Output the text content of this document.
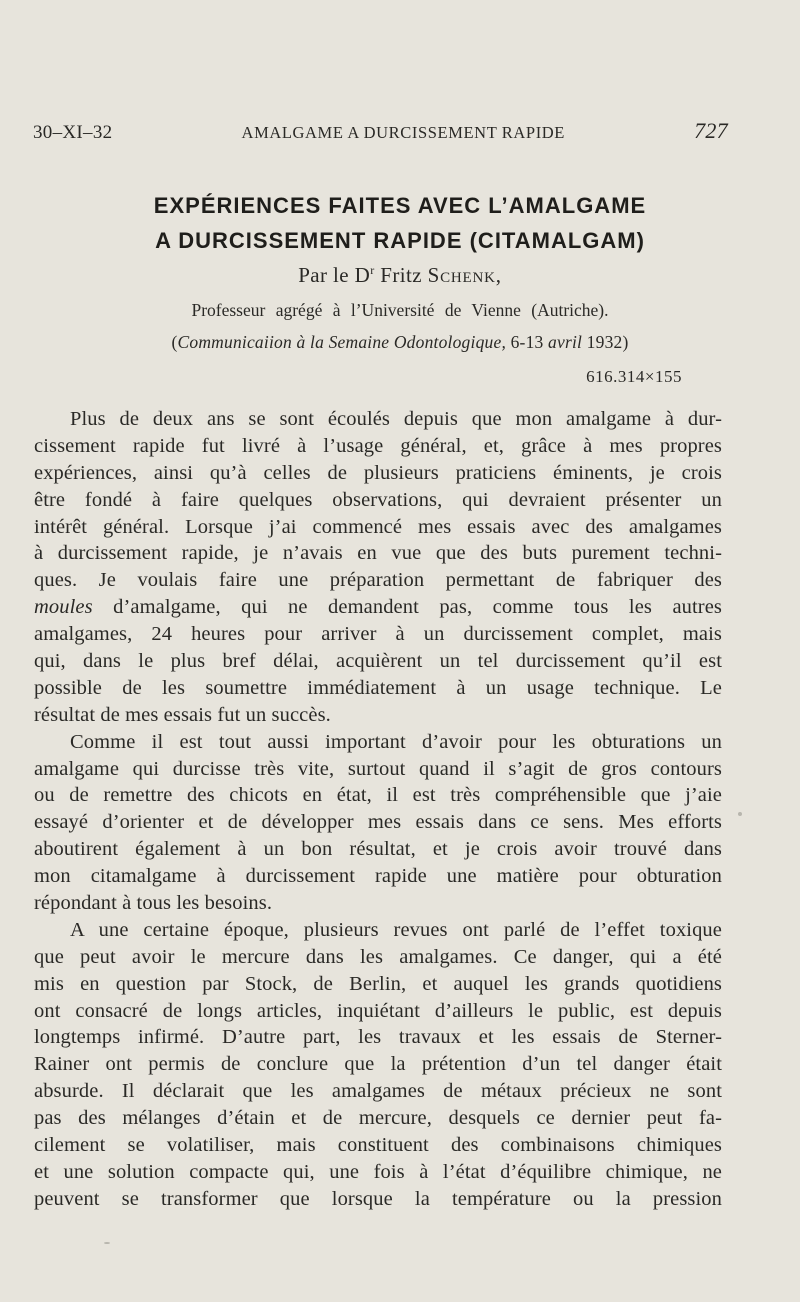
30–XI–32	AMALGAME A DURCISSEMENT RAPIDE	727
EXPÉRIENCES FAITES AVEC L’AMALGAME
A DURCISSEMENT RAPIDE (CITAMALGAM)
Par le $D^r$ Fritz Schenk,
Professeur agrégé à l’Université de Vienne (Autriche).
(Communicaiion à la Semaine Odontologique, 6-13 avril 1932)
616.314×155
Plus de deux ans se sont écoulés depuis que mon amalgame à dur-
cissement rapide fut livré à l’usage général, et, grâce à mes propres
expériences, ainsi qu’à celles de plusieurs praticiens éminents, je crois
être fondé à faire quelques observations, qui devraient présenter un
intérêt général. Lorsque j’ai commencé mes essais avec des amalgames
à durcissement rapide, je n’avais en vue que des buts purement techni-
ques. Je voulais faire une préparation permettant de fabriquer des
moules d’amalgame, qui ne demandent pas, comme tous les autres
amalgames, 24 heures pour arriver à un durcissement complet, mais
qui, dans le plus bref délai, acquièrent un tel durcissement qu’il est
possible de les soumettre immédiatement à un usage technique. Le
résultat de mes essais fut un succès.
Comme il est tout aussi important d’avoir pour les obturations un
amalgame qui durcisse très vite, surtout quand il s’agit de gros contours
ou de remettre des chicots en état, il est très compréhensible que j’aie
essayé d’orienter et de développer mes essais dans ce sens. Mes efforts
aboutirent également à un bon résultat, et je crois avoir trouvé dans
mon citamalgame à durcissement rapide une matière pour obturation
répondant à tous les besoins.
A une certaine époque, plusieurs revues ont parlé de l’effet toxique
que peut avoir le mercure dans les amalgames. Ce danger, qui a été
mis en question par Stock, de Berlin, et auquel les grands quotidiens
ont consacré de longs articles, inquiétant d’ailleurs le public, est depuis
longtemps infirmé. D’autre part, les travaux et les essais de Sterner-
Rainer ont permis de conclure que la prétention d’un tel danger était
absurde. Il déclarait que les amalgames de métaux précieux ne sont
pas des mélanges d’étain et de mercure, desquels ce dernier peut fa-
cilement se volatiliser, mais constituent des combinaisons chimiques
et une solution compacte qui, une fois à l’état d’équilibre chimique, ne
peuvent se transformer que lorsque la température ou la pression
